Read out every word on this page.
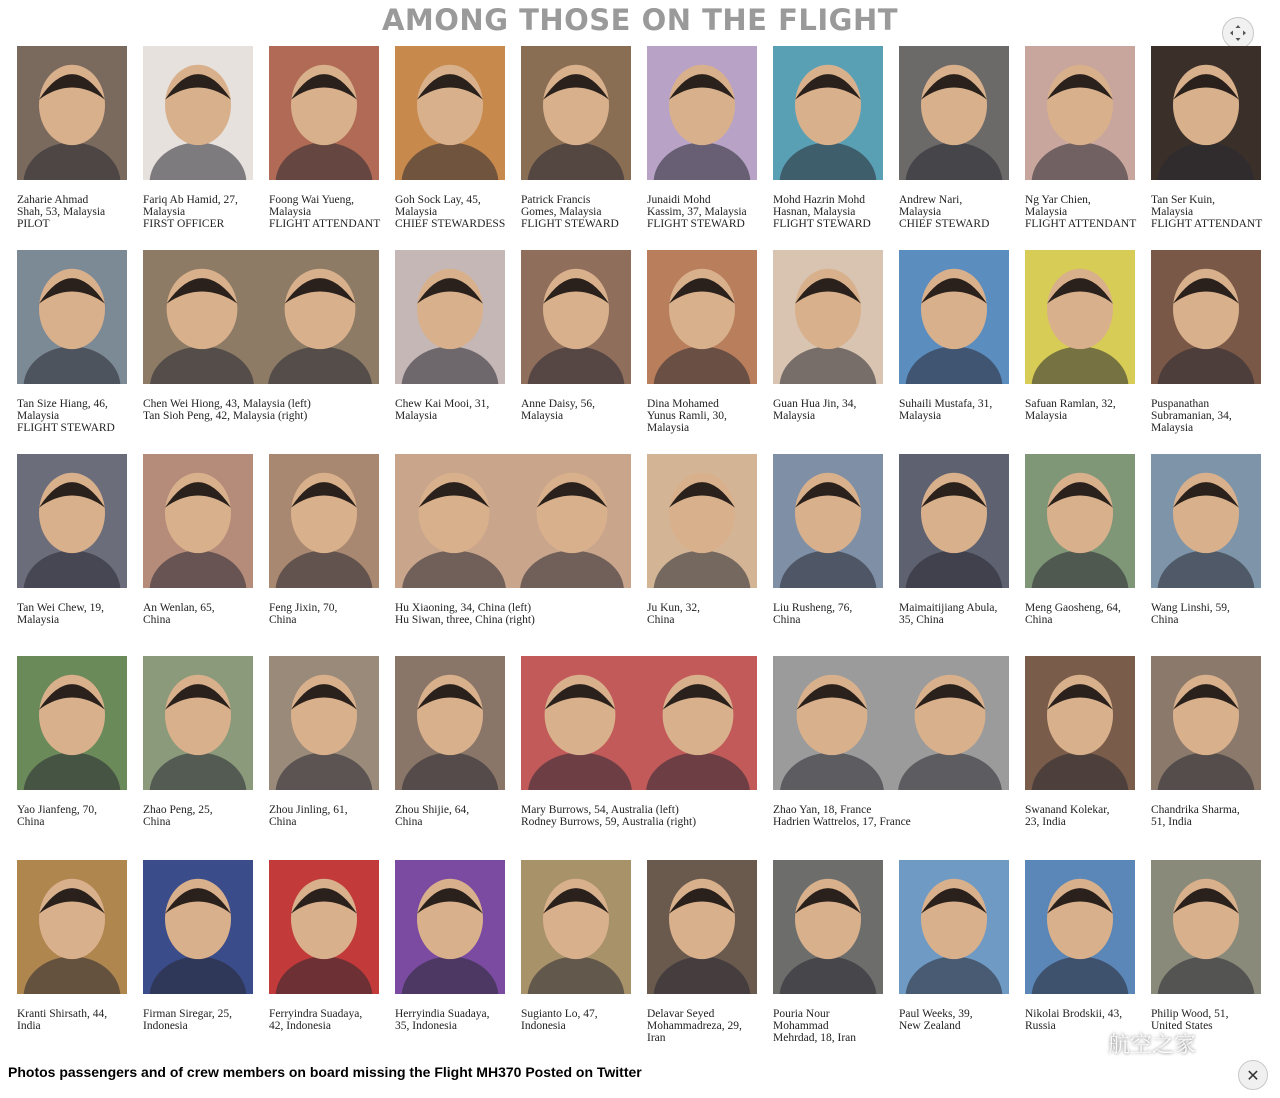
AMONG THOSE ON THE FLIGHT
Zaharie Ahmad
Shah, 53, Malaysia
PILOT
Fariq Ab Hamid, 27,
Malaysia
FIRST OFFICER
Foong Wai Yueng,
Malaysia
FLIGHT ATTENDANT
Goh Sock Lay, 45,
Malaysia
CHIEF STEWARDESS
Patrick Francis
Gomes, Malaysia
FLIGHT STEWARD
Junaidi Mohd
Kassim, 37, Malaysia
FLIGHT STEWARD
Mohd Hazrin Mohd
Hasnan, Malaysia
FLIGHT STEWARD
Andrew Nari,
Malaysia
CHIEF STEWARD
Ng Yar Chien,
Malaysia
FLIGHT ATTENDANT
Tan Ser Kuin,
Malaysia
FLIGHT ATTENDANT
Tan Size Hiang, 46,
Malaysia
FLIGHT STEWARD
Chen Wei Hiong, 43, Malaysia (left)
Tan Sioh Peng, 42, Malaysia (right)
Chew Kai Mooi, 31,
Malaysia
Anne Daisy, 56,
Malaysia
Dina Mohamed
Yunus Ramli, 30,
Malaysia
Guan Hua Jin, 34,
Malaysia
Suhaili Mustafa, 31,
Malaysia
Safuan Ramlan, 32,
Malaysia
Puspanathan
Subramanian, 34,
Malaysia
Tan Wei Chew, 19,
Malaysia
An Wenlan, 65,
China
Feng Jixin, 70,
China
Hu Xiaoning, 34, China (left)
Hu Siwan, three, China (right)
Ju Kun, 32,
China
Liu Rusheng, 76,
China
Maimaitijiang Abula,
35, China
Meng Gaosheng, 64,
China
Wang Linshi, 59,
China
Yao Jianfeng, 70,
China
Zhao Peng, 25,
China
Zhou Jinling, 61,
China
Zhou Shijie, 64,
China
Mary Burrows, 54, Australia (left)
Rodney Burrows, 59, Australia (right)
Zhao Yan, 18, France
Hadrien Wattrelos, 17, France
Swanand Kolekar,
23, India
Chandrika Sharma,
51, India
Kranti Shirsath, 44,
India
Firman Siregar, 25,
Indonesia
Ferryindra Suadaya,
42, Indonesia
Herryindia Suadaya,
35, Indonesia
Sugianto Lo, 47,
Indonesia
Delavar Seyed
Mohammadreza, 29,
Iran
Pouria Nour
Mohammad
Mehrdad, 18, Iran
Paul Weeks, 39,
New Zealand
Nikolai Brodskii, 43,
Russia
Philip Wood, 51,
United States
航空之家
Photos passengers and of crew members on board missing the Flight MH370 Posted on Twitter	✕
